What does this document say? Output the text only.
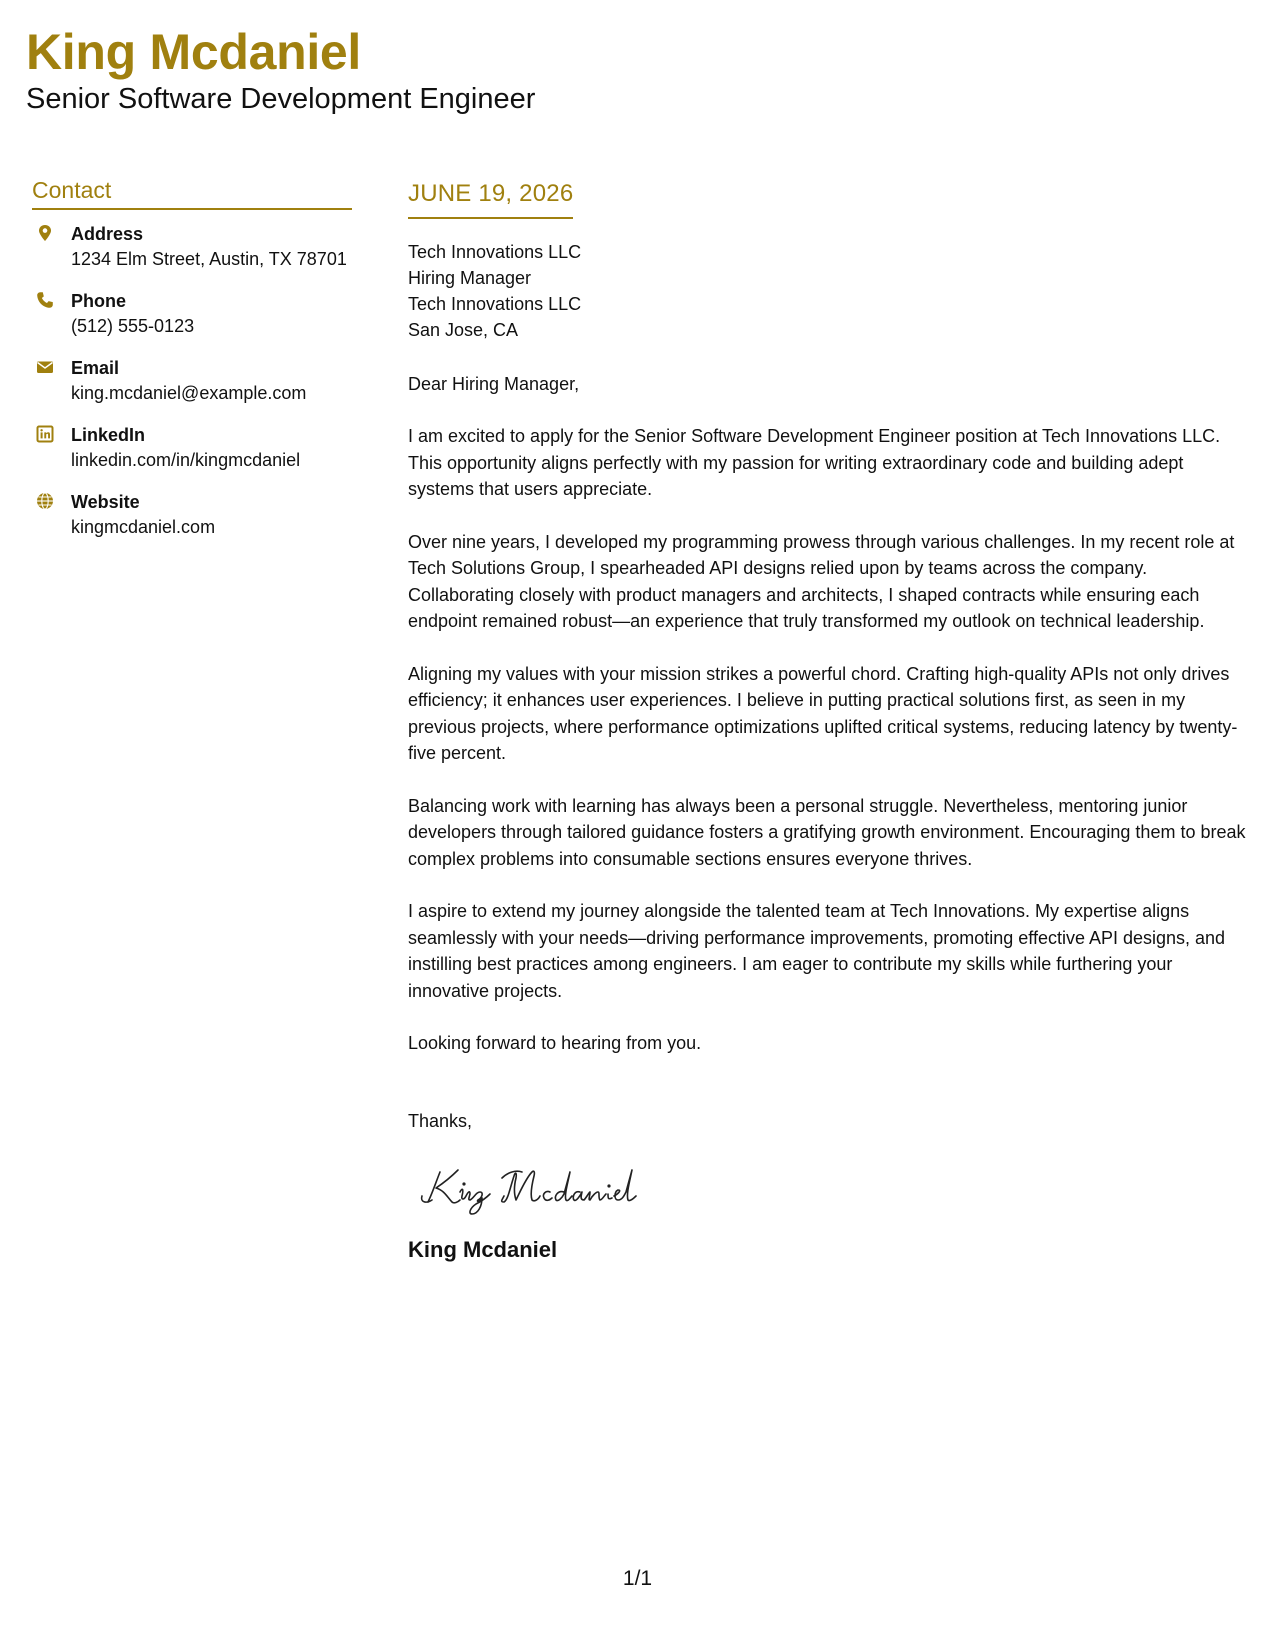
King Mcdaniel
Senior Software Development Engineer
Contact
Address
1234 Elm Street, Austin, TX 78701
Phone
(512) 555-0123
Email
king.mcdaniel@example.com
LinkedIn
linkedin.com/in/kingmcdaniel
Website
kingmcdaniel.com
JUNE 19, 2026
Tech Innovations LLC
Hiring Manager
Tech Innovations LLC
San Jose, CA
Dear Hiring Manager,
I am excited to apply for the Senior Software Development Engineer position at Tech Innovations LLC. This opportunity aligns perfectly with my passion for writing extraordinary code and building adept systems that users appreciate.
Over nine years, I developed my programming prowess through various challenges. In my recent role at Tech Solutions Group, I spearheaded API designs relied upon by teams across the company. Collaborating closely with product managers and architects, I shaped contracts while ensuring each endpoint remained robust—an experience that truly transformed my outlook on technical leadership.
Aligning my values with your mission strikes a powerful chord. Crafting high-quality APIs not only drives efficiency; it enhances user experiences. I believe in putting practical solutions first, as seen in my previous projects, where performance optimizations uplifted critical systems, reducing latency by twenty-five percent.
Balancing work with learning has always been a personal struggle. Nevertheless, mentoring junior developers through tailored guidance fosters a gratifying growth environment. Encouraging them to break complex problems into consumable sections ensures everyone thrives.
I aspire to extend my journey alongside the talented team at Tech Innovations. My expertise aligns seamlessly with your needs—driving performance improvements, promoting effective API designs, and instilling best practices among engineers. I am eager to contribute my skills while furthering your innovative projects.
Looking forward to hearing from you.
Thanks,
King Mcdaniel
1/1
